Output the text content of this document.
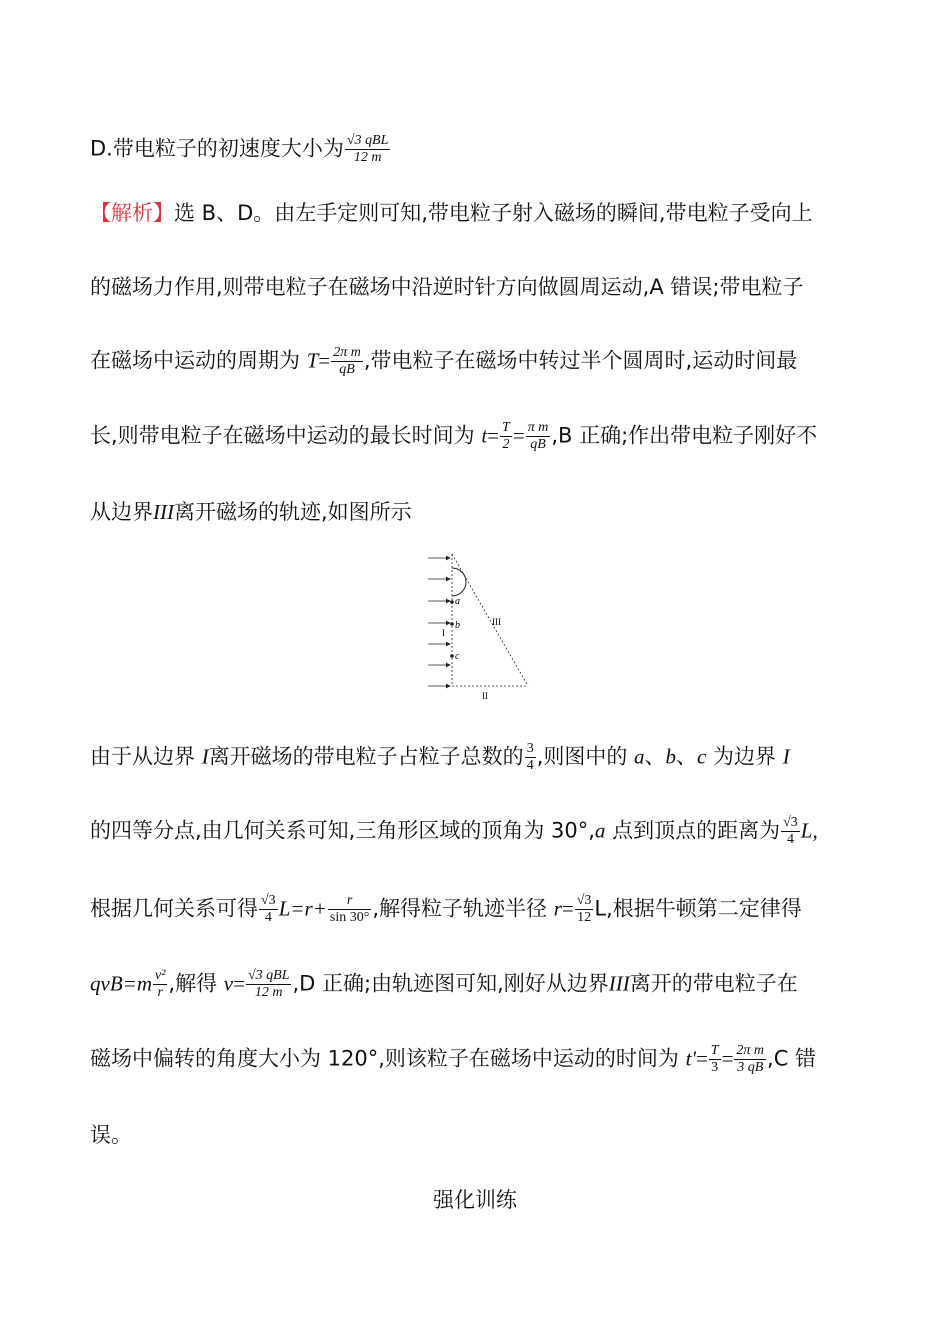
D.带电粒子的初速度大小为 $\frac{\text{√3 qBL}}{12 m}$
【解析】选 B、D。由左手定则可知,带电粒子射入磁场的瞬间,带电粒子受向上
的磁场力作用,则带电粒子在磁场中沿逆时针方向做圆周运动,A 错误;带电粒子
在磁场中运动的周期为 $T= \frac{\text{2π m}}{qB}$ ,带电粒子在磁场中转过半个圆周时,运动时间最
长,则带电粒子在磁场中运动的最长时间为 $t= \frac{T}{2} = \frac{\text{π m}}{qB} ,B$ 正确;作出带电粒子刚好不
从边界III离开磁场的轨迹,如图所示
a
b
c
I
II
III
由于从边界 I离开磁场的带电粒子占粒子总数的 $\frac{3}{4}$ ,则图中的 a、b、c 为边界 I
的四等分点,由几何关系可知,三角形区域的顶角为 30°,a 点到顶点的距离为 $\frac{√3}{4} L$,
根据几何关系可得 $\frac{√3}{4} L=r+ \frac{r}{\sin 30^\circ}$ ,解得粒子轨迹半径 $r= \frac{√3}{12} L$,根据牛顿第二定律得
$qvB=m \frac{\text{v²}}{r}$ ,解得 $v= \frac{\text{√3 qBL}}{12 m} ,D$ 正确;由轨迹图可知,刚好从边界III离开的带电粒子在
磁场中偏转的角度大小为 120°,则该粒子在磁场中运动的时间为 $t'= \frac{T}{3} = \frac{\text{2π m}}{3 qB} ,C$ 错
误。
强化训练
